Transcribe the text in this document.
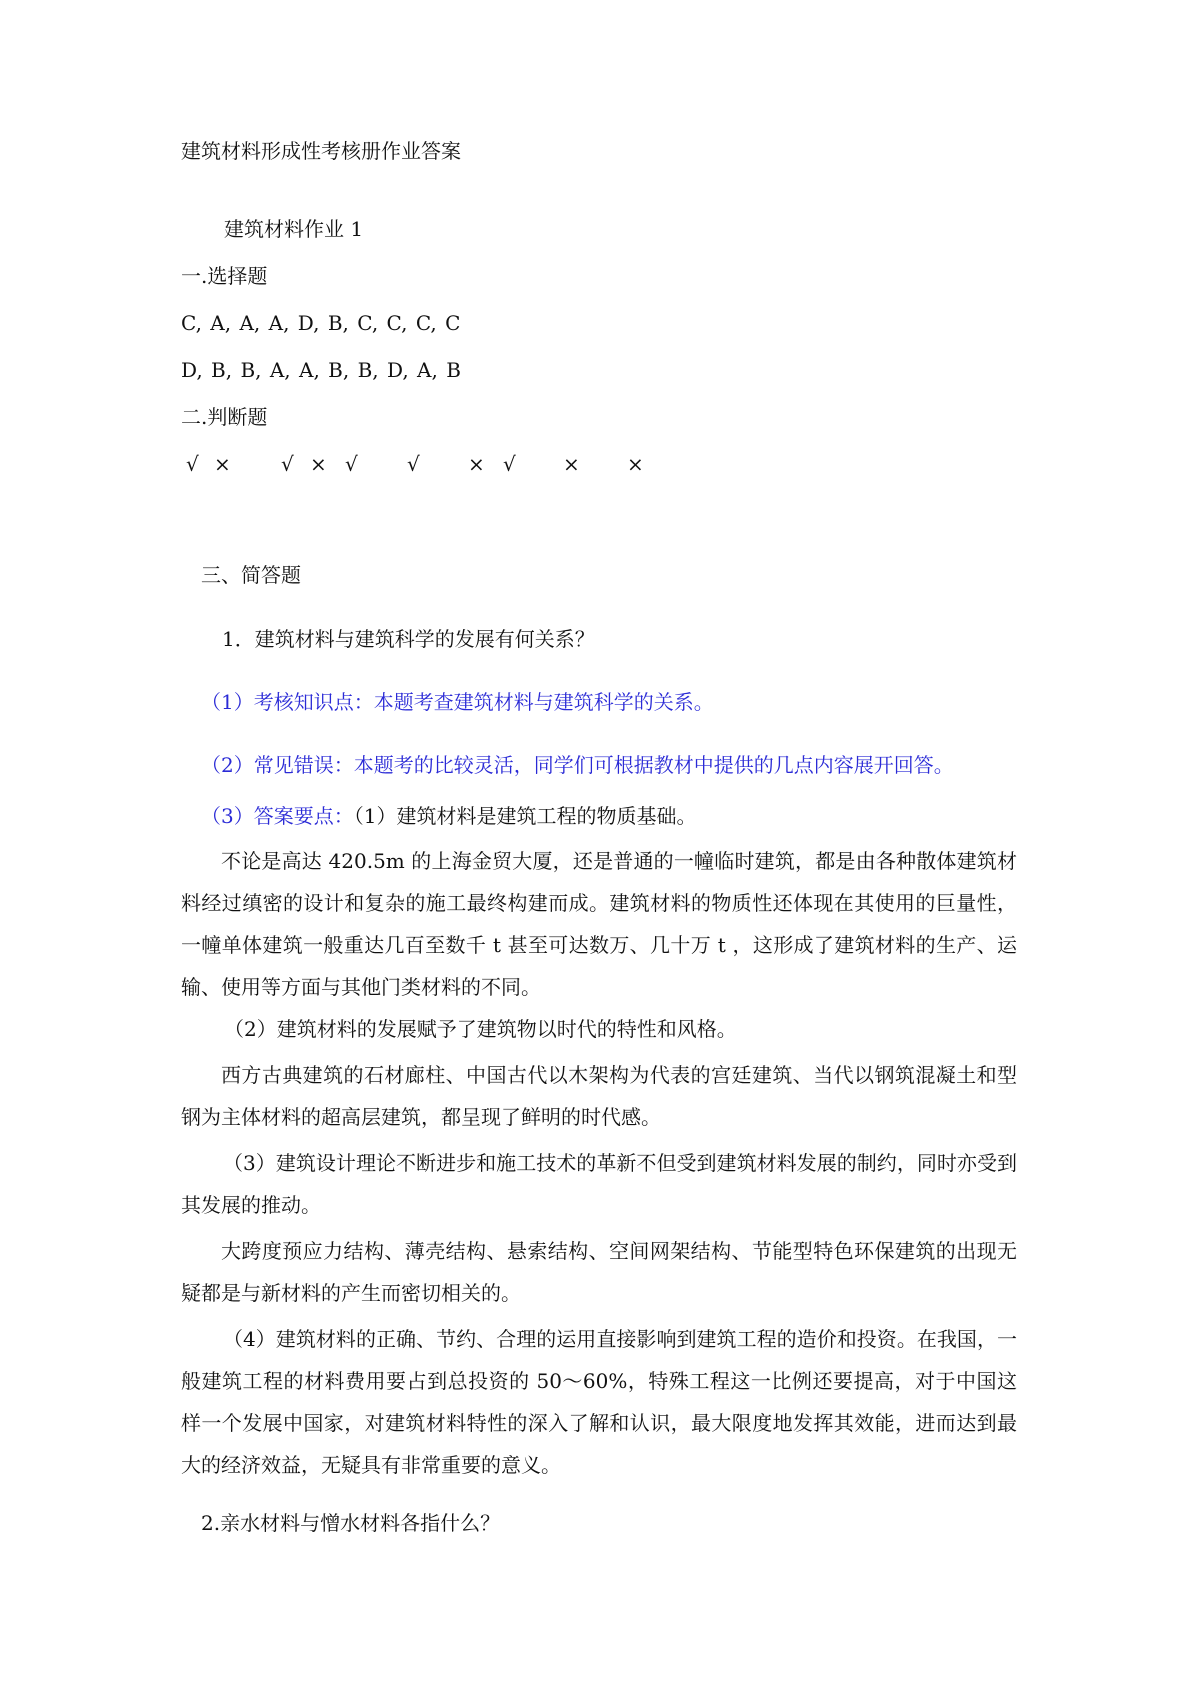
建筑材料形成性考核册作业答案
建筑材料作业 1
一.选择题
C, A, A, A, D, B, C, C, C, C
D, B, B, A, A, B, B, D, A, B
二.判断题
√ ×	√ × √ √ × √ × ×
三、简答题
1．建筑材料与建筑科学的发展有何关系？
（1）考核知识点：本题考查建筑材料与建筑科学的关系。
（2）常见错误：本题考的比较灵活，同学们可根据教材中提供的几点内容展开回答。
（3）答案要点：（1）建筑材料是建筑工程的物质基础。
不论是高达 420.5m 的上海金贸大厦，还是普通的一幢临时建筑，都是由各种散体建筑材料经过缜密的设计和复杂的施工最终构建而成。建筑材料的物质性还体现在其使用的巨量性，一幢单体建筑一般重达几百至数千 t 甚至可达数万、几十万 t ，这形成了建筑材料的生产、运输、使用等方面与其他门类材料的不同。
（2）建筑材料的发展赋予了建筑物以时代的特性和风格。
西方古典建筑的石材廊柱、中国古代以木架构为代表的宫廷建筑、当代以钢筑混凝土和型钢为主体材料的超高层建筑，都呈现了鲜明的时代感。
（3）建筑设计理论不断进步和施工技术的革新不但受到建筑材料发展的制约，同时亦受到其发展的推动。
大跨度预应力结构、薄壳结构、悬索结构、空间网架结构、节能型特色环保建筑的出现无疑都是与新材料的产生而密切相关的。
（4）建筑材料的正确、节约、合理的运用直接影响到建筑工程的造价和投资。在我国，一般建筑工程的材料费用要占到总投资的 50～60%，特殊工程这一比例还要提高，对于中国这样一个发展中国家，对建筑材料特性的深入了解和认识，最大限度地发挥其效能，进而达到最大的经济效益，无疑具有非常重要的意义。
2.亲水材料与憎水材料各指什么？
